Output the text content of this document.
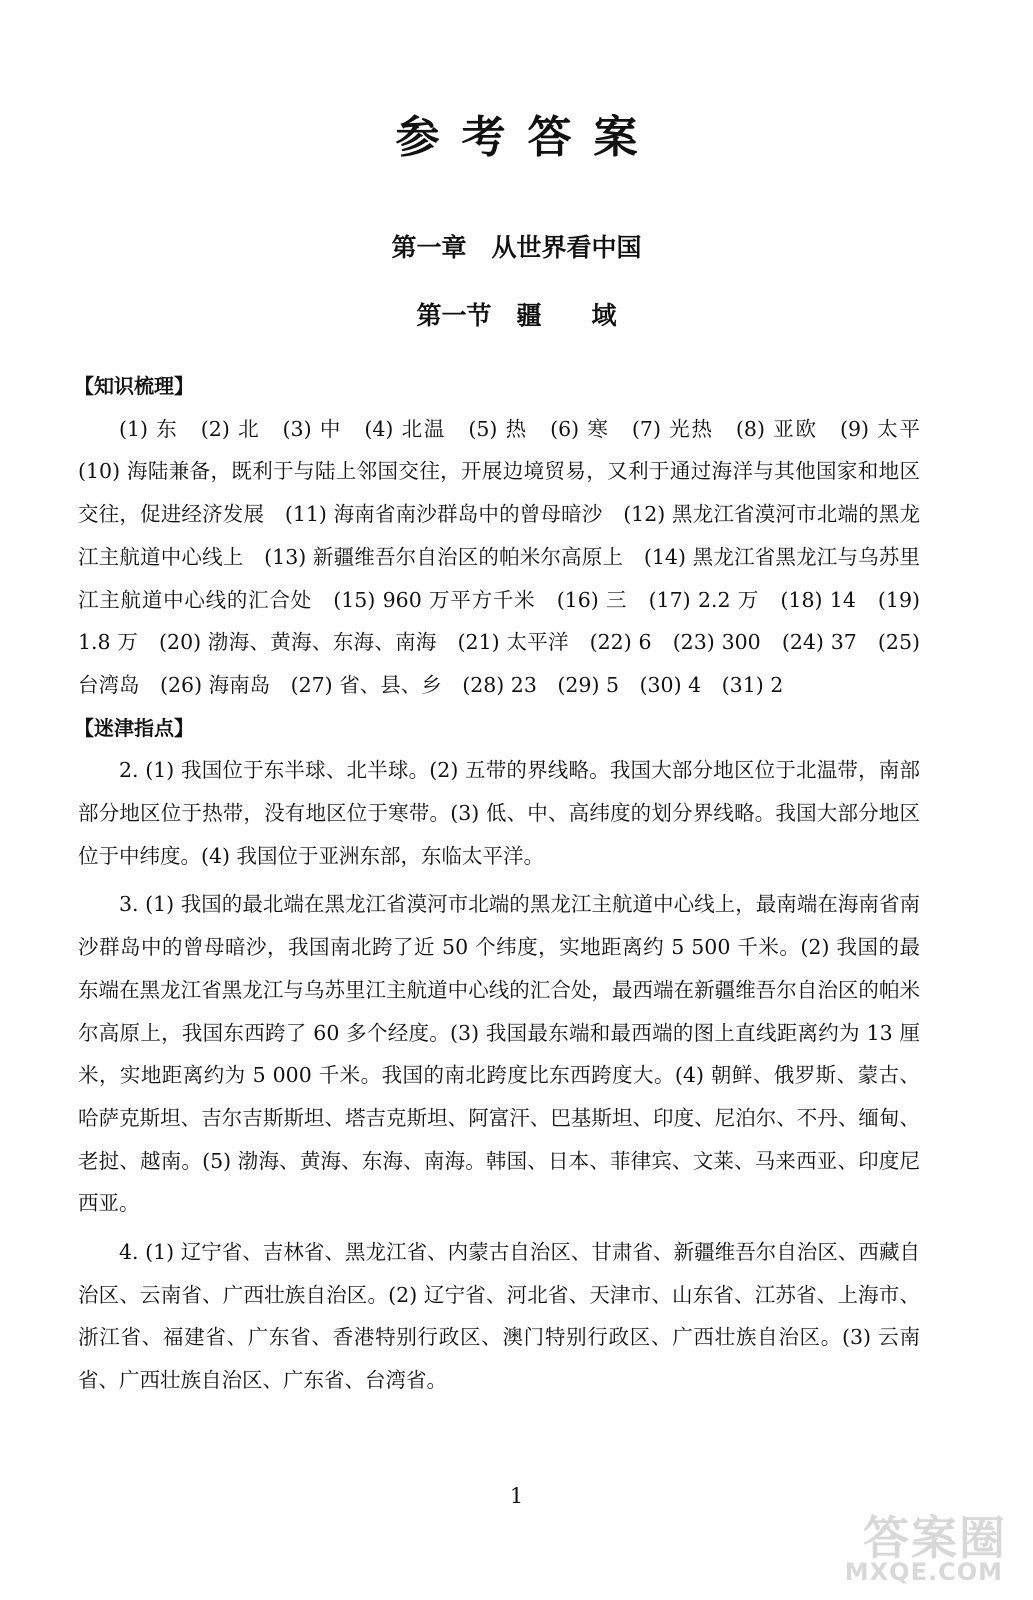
参考答案
第一章　从世界看中国
第一节　疆　　域
【知识梳理】

(1) 东　(2) 北　(3) 中　(4) 北温　(5) 热　(6) 寒　(7) 光热　(8) 亚欧　(9) 太平　(10) 海陆兼备，既利于与陆上邻国交往，开展边境贸易，又利于通过海洋与其他国家和地区交往，促进经济发展　(11) 海南省南沙群岛中的曾母暗沙　(12) 黑龙江省漠河市北端的黑龙江主航道中心线上　(13) 新疆维吾尔自治区的帕米尔高原上　(14) 黑龙江省黑龙江与乌苏里江主航道中心线的汇合处　(15) 960 万平方千米　(16) 三　(17) 2.2 万　(18) 14　(19) 1.8 万　(20) 渤海、黄海、东海、南海　(21) 太平洋　(22) 6　(23) 300　(24) 37　(25) 台湾岛　(26) 海南岛　(27) 省、县、乡　(28) 23　(29) 5　(30) 4　(31) 2

【迷津指点】

2. (1) 我国位于东半球、北半球。(2) 五带的界线略。我国大部分地区位于北温带，南部部分地区位于热带，没有地区位于寒带。(3) 低、中、高纬度的划分界线略。我国大部分地区位于中纬度。(4) 我国位于亚洲东部，东临太平洋。

3. (1) 我国的最北端在黑龙江省漠河市北端的黑龙江主航道中心线上，最南端在海南省南沙群岛中的曾母暗沙，我国南北跨了近 50 个纬度，实地距离约 5 500 千米。(2) 我国的最东端在黑龙江省黑龙江与乌苏里江主航道中心线的汇合处，最西端在新疆维吾尔自治区的帕米尔高原上，我国东西跨了 60 多个经度。(3) 我国最东端和最西端的图上直线距离约为 13 厘米，实地距离约为 5 000 千米。我国的南北跨度比东西跨度大。(4) 朝鲜、俄罗斯、蒙古、哈萨克斯坦、吉尔吉斯斯坦、塔吉克斯坦、阿富汗、巴基斯坦、印度、尼泊尔、不丹、缅甸、老挝、越南。(5) 渤海、黄海、东海、南海。韩国、日本、菲律宾、文莱、马来西亚、印度尼西亚。

4. (1) 辽宁省、吉林省、黑龙江省、内蒙古自治区、甘肃省、新疆维吾尔自治区、西藏自治区、云南省、广西壮族自治区。(2) 辽宁省、河北省、天津市、山东省、江苏省、上海市、浙江省、福建省、广东省、香港特别行政区、澳门特别行政区、广西壮族自治区。(3) 云南省、广西壮族自治区、广东省、台湾省。

1
答案圈
MXQE.COM
